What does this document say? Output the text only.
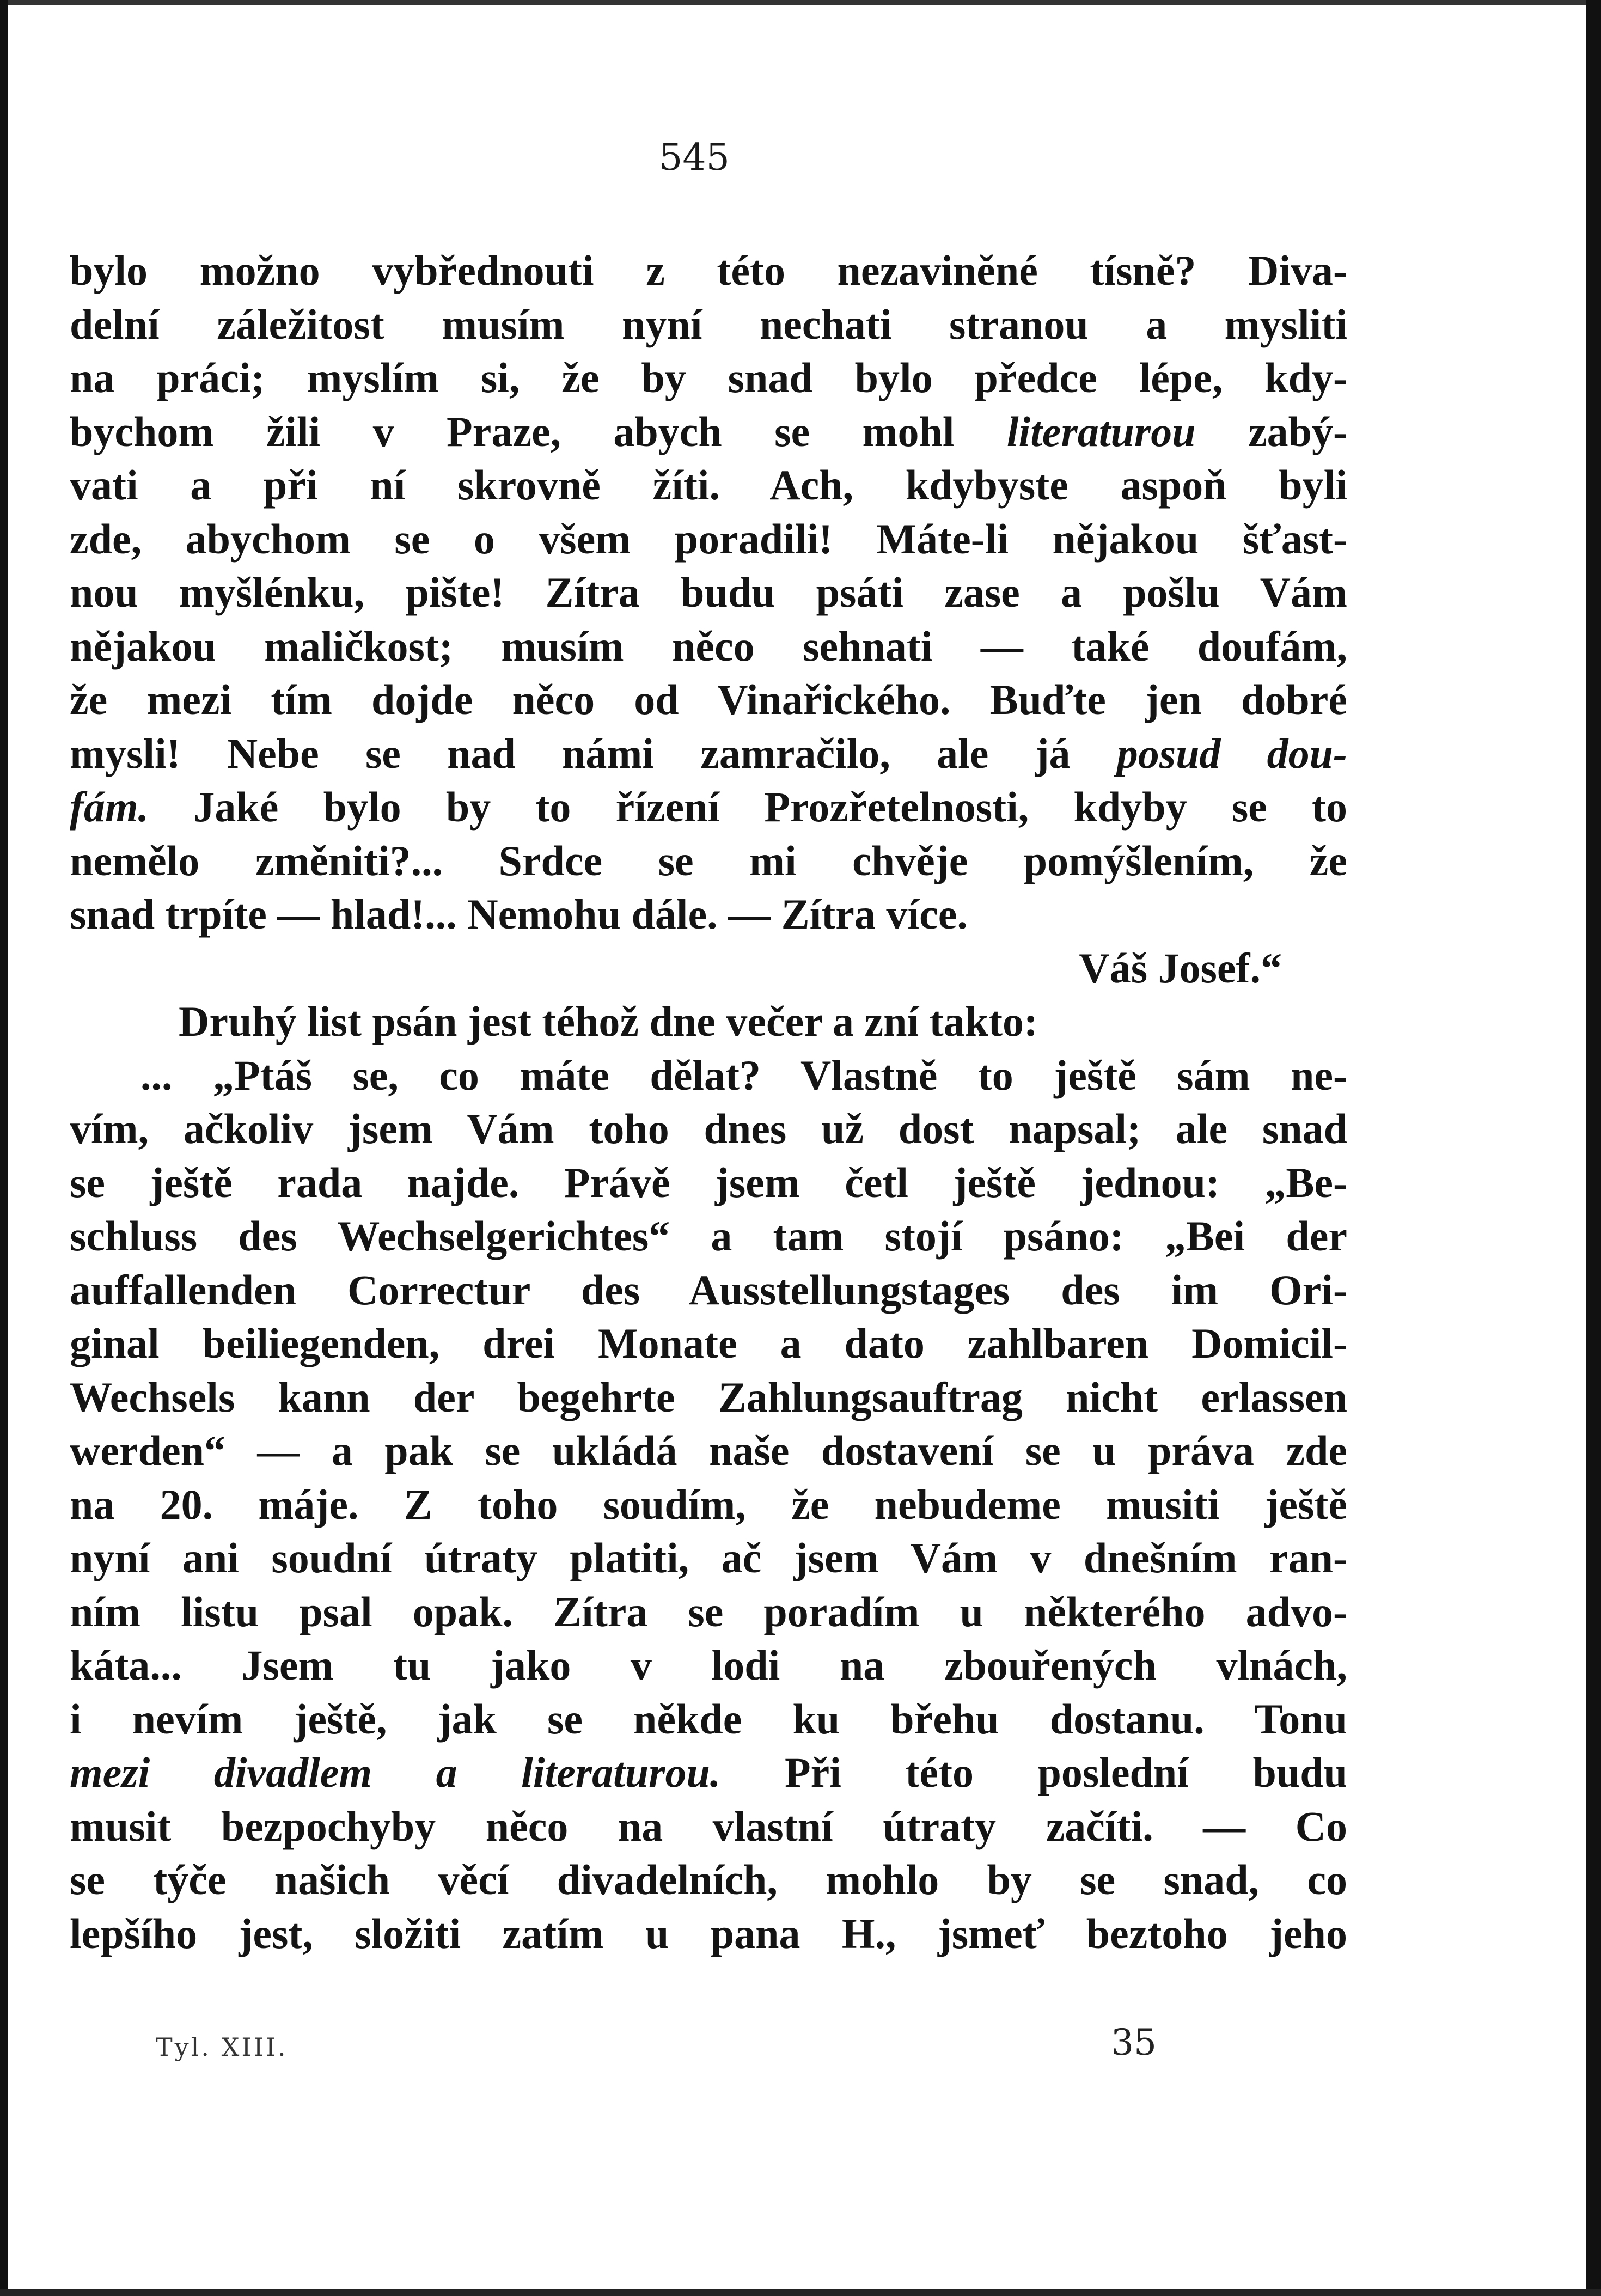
545
bylo možno vybřednouti z této nezaviněné tísně? Diva-
delní záležitost musím nyní nechati stranou a mysliti
na práci; myslím si, že by snad bylo předce lépe, kdy-
bychom žili v Praze, abych se mohl literaturou zabý-
vati a při ní skrovně žíti. Ach, kdybyste aspoň byli
zde, abychom se o všem poradili! Máte-li nějakou šťast-
nou myšlénku, pište! Zítra budu psáti zase a pošlu Vám
nějakou maličkost; musím něco sehnati — také doufám,
že mezi tím dojde něco od Vinařického. Buďte jen dobré
mysli! Nebe se nad námi zamračilo, ale já posud dou-
fám. Jaké bylo by to řízení Prozřetelnosti, kdyby se to
nemělo změniti?... Srdce se mi chvěje pomýšlením, že
snad trpíte — hlad!... Nemohu dále. — Zítra více.
Váš Josef.“
Druhý list psán jest téhož dne večer a zní takto:
... „Ptáš se, co máte dělat? Vlastně to ještě sám ne-
vím, ačkoliv jsem Vám toho dnes už dost napsal; ale snad
se ještě rada najde. Právě jsem četl ještě jednou: „Be-
schluss des Wechselgerichtes“ a tam stojí psáno: „Bei der
auffallenden Correctur des Ausstellungstages des im Ori-
ginal beiliegenden, drei Monate a dato zahlbaren Domicil-
Wechsels kann der begehrte Zahlungsauftrag nicht erlassen
werden“ — a pak se ukládá naše dostavení se u práva zde
na 20. máje. Z toho soudím, že nebudeme musiti ještě
nyní ani soudní útraty platiti, ač jsem Vám v dnešním ran-
ním listu psal opak. Zítra se poradím u některého advo-
káta... Jsem tu jako v lodi na zbouřených vlnách,
i nevím ještě, jak se někde ku břehu dostanu. Tonu
mezi divadlem a literaturou. Při této poslední budu
musit bezpochyby něco na vlastní útraty začíti. — Co
se týče našich věcí divadelních, mohlo by se snad, co
lepšího jest, složiti zatím u pana H., jsmeť beztoho jeho
Tyl. XIII.	35
